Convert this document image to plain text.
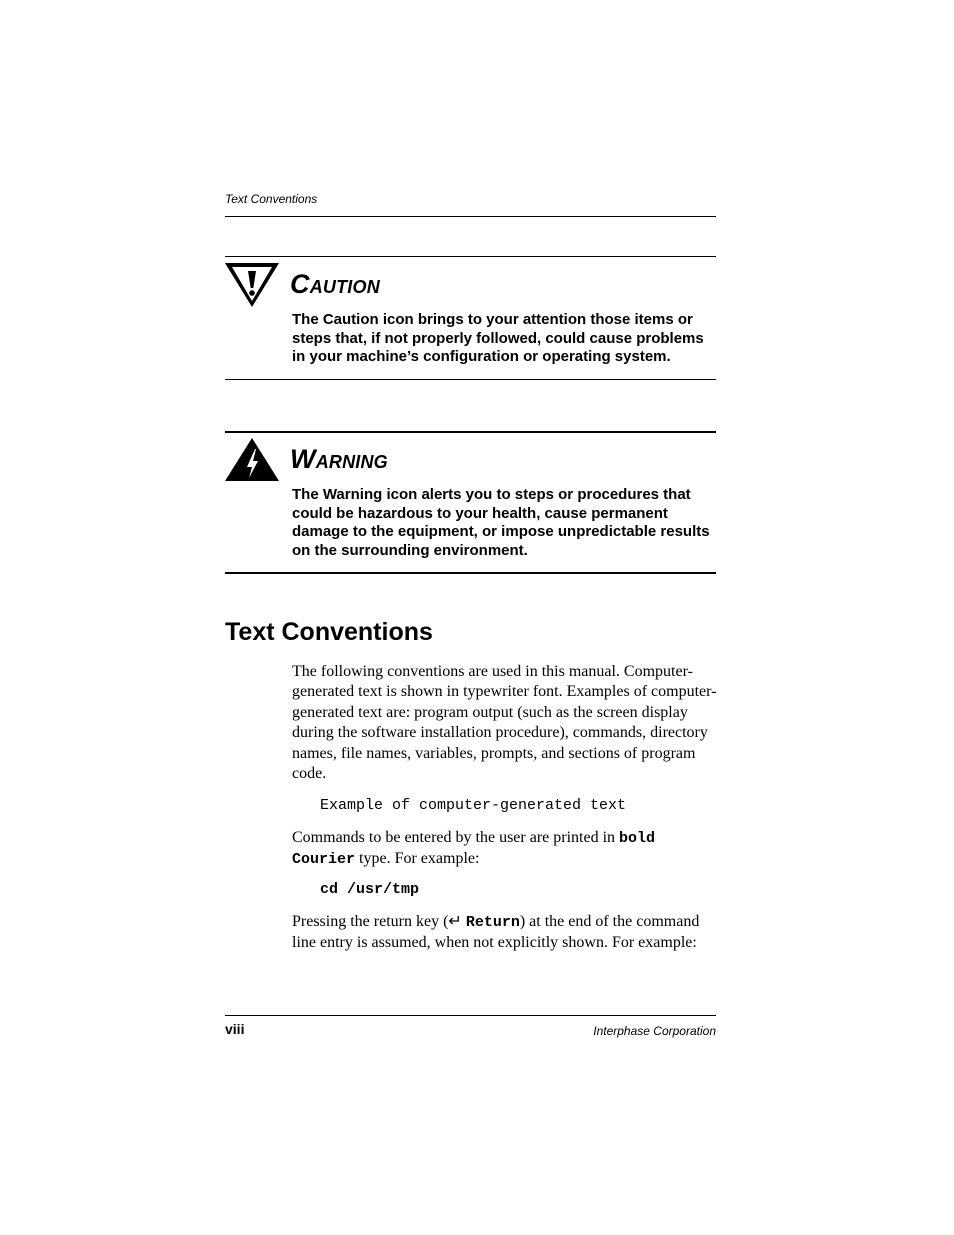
Text Conventions
CAUTION
The Caution icon brings to your attention those items or steps that, if not properly followed, could cause problems in your machine’s configuration or operating system.
WARNING
The Warning icon alerts you to steps or procedures that could be hazardous to your health, cause permanent damage to the equipment, or impose unpredictable results on the surrounding environment.
Text Conventions
The following conventions are used in this manual. Computer-generated text is shown in typewriter font. Examples of computer-generated text are: program output (such as the screen display during the software installation procedure), commands, directory names, file names, variables, prompts, and sections of program code.
Example of computer-generated text
Commands to be entered by the user are printed in bold Courier type. For example:
cd /usr/tmp
Pressing the return key (↵ Return) at the end of the command line entry is assumed, when not explicitly shown. For example:
viii	Interphase Corporation
